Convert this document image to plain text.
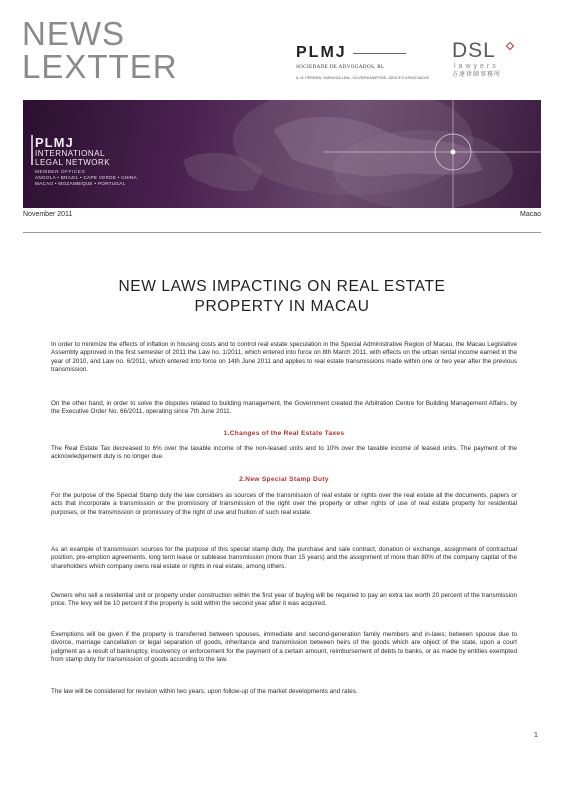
NEWS
LEXTTER	PLMJ
SOCIEDADE DE ADVOGADOS, RL
A. M. PEREIRA, SÁRAGGA LEAL, OLIVEIRA MARTINS, JÚDICE E ASSOCIADOS
DSL
lawyers
方達律師事務所
PLMJ
INTERNATIONAL
LEGAL NETWORK
MEMBER OFFICES
ANGOLA • BRAZIL • CAPE VERDE • CHINA
MACAO • MOZAMBIQUE • PORTUGAL
November 2011	Macao
NEW LAWS IMPACTING ON REAL ESTATE
PROPERTY IN MACAU

In order to minimize the effects of inflation in housing costs and to control real estate speculation in the Special Administrative Region of Macau, the Macau Legislative Assembly approved in the first semester of 2011 the Law no. 1/2011, which entered into force on 8th March 2011, with effects on the urban rental income earned in the year of 2010, and Law no. 6/2011, which entered into force on 14th June 2011 and applies to real estate transmissions made within one or two year after the previous transmission.

On the other hand, in order to solve the disputes related to building management, the Government created the Arbitration Centre for Building Management Affairs, by the Executive Order No. 66/2011, operating since 7th June 2011.

1.Changes of the Real Estate Taxes

The Real Estate Tax decreased to 6% over the taxable income of the non-leased units and to 10% over the taxable income of leased units. The payment of the acknowledgement duty is no longer due.

2.New Special Stamp Duty

For the purpose of the Special Stamp duty the law considers as sources of the transmission of real estate or rights over the real estate all the documents, papers or acts that incorporate a transmission or the promissory of transmission of the right over the property or other rights of use of real estate property for residential purposes, or the transmission or promissory of the right of use and fruition of such real estate.

As an example of transmission sources for the purpose of this special stamp duty, the purchase and sale contract, donation or exchange, assignment of contractual position, pre-emption agreements, long term lease or sublease transmission (more than 15 years) and the assignment of more than 80% of the company capital of the shareholders which company owns real estate or rights in real estate, among others.

Owners who sell a residential unit or property under construction within the first year of buying will be required to pay an extra tax worth 20 percent of the transmission price. The levy will be 10 percent if the property is sold within the second year after it was acquired.

Exemptions will be given if the property is transferred between spouses, immediate and second-generation family members and in-laws; between spouse due to divorce, marriage cancellation or legal separation of goods, inheritance and transmission between heirs of the goods which are object of the state, upon a court judgment as a result of bankruptcy, insolvency or enforcement for the payment of a certain amount, reimbursement of debts to banks, or as made by entities exempted from stamp duty for transmission of goods according to the law.

The law will be considered for revision within two years, upon follow-up of the market developments and rates.

1
